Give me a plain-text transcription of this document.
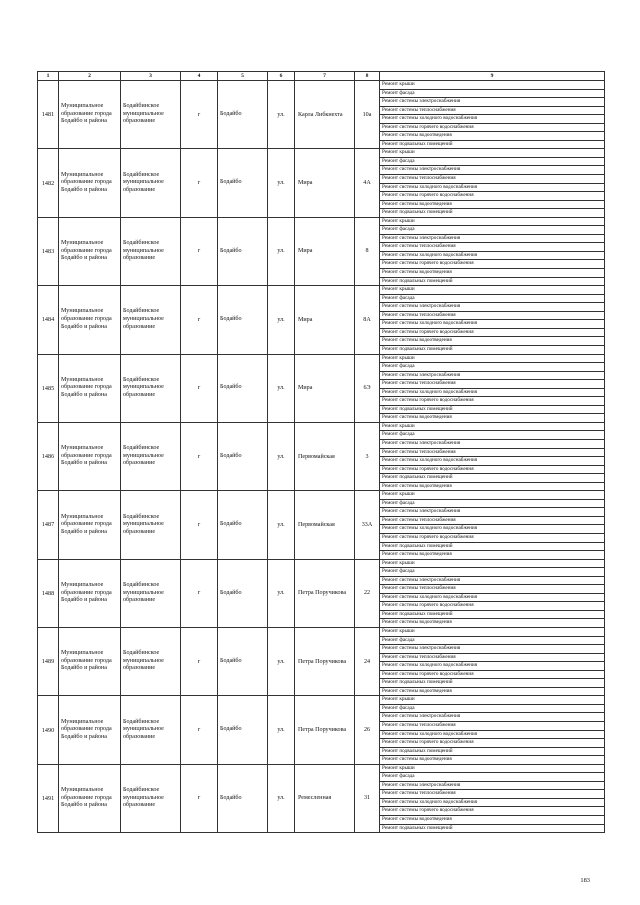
1	2	3	4	5	6	7	8	9
1481	Муниципальное образование города Бодайбо и района	Бодайбинское муниципальное образование	г	Бодайбо	ул.	Карла Либкнехта	10а	Ремонт крыши
								Ремонт фасада
								Ремонт системы электроснабжения
								Ремонт системы теплоснабжения
								Ремонт системы холодного водоснабжения
								Ремонт системы горячего водоснабжения
								Ремонт системы водоотведения
								Ремонт подвальных помещений
1482	Муниципальное образование города Бодайбо и района	Бодайбинское муниципальное образование	г	Бодайбо	ул.	Мира	4А	Ремонт крыши
								Ремонт фасада
								Ремонт системы электроснабжения
								Ремонт системы теплоснабжения
								Ремонт системы холодного водоснабжения
								Ремонт системы горячего водоснабжения
								Ремонт системы водоотведения
								Ремонт подвальных помещений
1483	Муниципальное образование города Бодайбо и района	Бодайбинское муниципальное образование	г	Бодайбо	ул.	Мира	8	Ремонт крыши
								Ремонт фасада
								Ремонт системы электроснабжения
								Ремонт системы теплоснабжения
								Ремонт системы холодного водоснабжения
								Ремонт системы горячего водоснабжения
								Ремонт системы водоотведения
								Ремонт подвальных помещений
1484	Муниципальное образование города Бодайбо и района	Бодайбинское муниципальное образование	г	Бодайбо	ул.	Мира	8А	Ремонт крыши
								Ремонт фасада
								Ремонт системы электроснабжения
								Ремонт системы теплоснабжения
								Ремонт системы холодного водоснабжения
								Ремонт системы горячего водоснабжения
								Ремонт системы водоотведения
								Ремонт подвальных помещений
1485	Муниципальное образование города Бодайбо и района	Бодайбинское муниципальное образование	г	Бодайбо	ул.	Мира	6Э	Ремонт крыши
								Ремонт фасада
								Ремонт системы электроснабжения
								Ремонт системы теплоснабжения
								Ремонт системы холодного водоснабжения
								Ремонт системы горячего водоснабжения
								Ремонт подвальных помещений
								Ремонт системы водоотведения
1486	Муниципальное образование города Бодайбо и района	Бодайбинское муниципальное образование	г	Бодайбо	ул.	Первомайская	3	Ремонт крыши
								Ремонт фасада
								Ремонт системы электроснабжения
								Ремонт системы теплоснабжения
								Ремонт системы холодного водоснабжения
								Ремонт системы горячего водоснабжения
								Ремонт подвальных помещений
								Ремонт системы водоотведения
1487	Муниципальное образование города Бодайбо и района	Бодайбинское муниципальное образование	г	Бодайбо	ул.	Первомайская	33А	Ремонт крыши
								Ремонт фасада
								Ремонт системы электроснабжения
								Ремонт системы теплоснабжения
								Ремонт системы холодного водоснабжения
								Ремонт системы горячего водоснабжения
								Ремонт подвальных помещений
								Ремонт системы водоотведения
1488	Муниципальное образование города Бодайбо и района	Бодайбинское муниципальное образование	г	Бодайбо	ул.	Петра Поручикова	22	Ремонт крыши
								Ремонт фасада
								Ремонт системы электроснабжения
								Ремонт системы теплоснабжения
								Ремонт системы холодного водоснабжения
								Ремонт системы горячего водоснабжения
								Ремонт подвальных помещений
								Ремонт системы водоотведения
1489	Муниципальное образование города Бодайбо и района	Бодайбинское муниципальное образование	г	Бодайбо	ул.	Петра Поручикова	24	Ремонт крыши
								Ремонт фасада
								Ремонт системы электроснабжения
								Ремонт системы теплоснабжения
								Ремонт системы холодного водоснабжения
								Ремонт системы горячего водоснабжения
								Ремонт подвальных помещений
								Ремонт системы водоотведения
1490	Муниципальное образование города Бодайбо и района	Бодайбинское муниципальное образование	г	Бодайбо	ул.	Петра Поручикова	26	Ремонт крыши
								Ремонт фасада
								Ремонт системы электроснабжения
								Ремонт системы теплоснабжения
								Ремонт системы холодного водоснабжения
								Ремонт системы горячего водоснабжения
								Ремонт подвальных помещений
								Ремонт системы водоотведения
1491	Муниципальное образование города Бодайбо и района	Бодайбинское муниципальное образование	г	Бодайбо	ул.	Ремесленная	31	Ремонт крыши
								Ремонт фасада
								Ремонт системы электроснабжения
								Ремонт системы теплоснабжения
								Ремонт системы холодного водоснабжения
								Ремонт системы горячего водоснабжения
								Ремонт системы водоотведения
								Ремонт подвальных помещений
183
